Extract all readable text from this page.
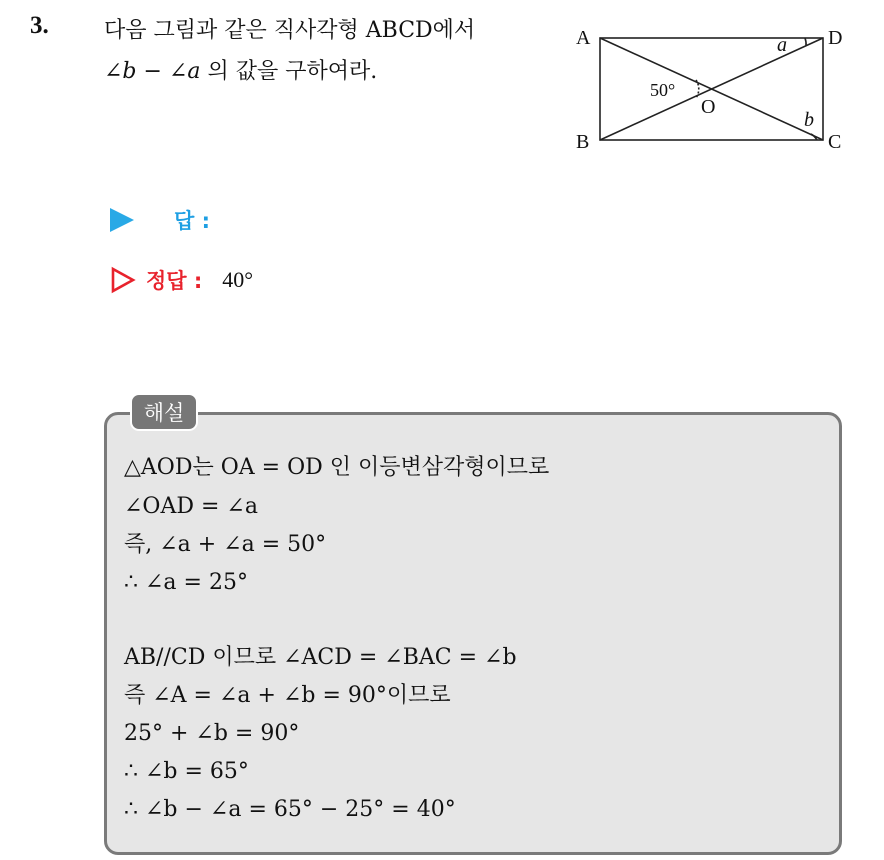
3.	다음 그림과 같은 직사각형 ABCD에서
∠b − ∠a 의 값을 구하여라.
A	D
B	C
O
50°
a
b
답 :
정답 : 40°
해설
△AOD는 OA = OD 인 이등변삼각형이므로
∠OAD = ∠a
즉, ∠a + ∠a = 50°
∴ ∠a = 25°
AB//CD 이므로 ∠ACD = ∠BAC = ∠b
즉 ∠A = ∠a + ∠b = 90°이므로
25° + ∠b = 90°
∴ ∠b = 65°
∴ ∠b − ∠a = 65° − 25° = 40°
